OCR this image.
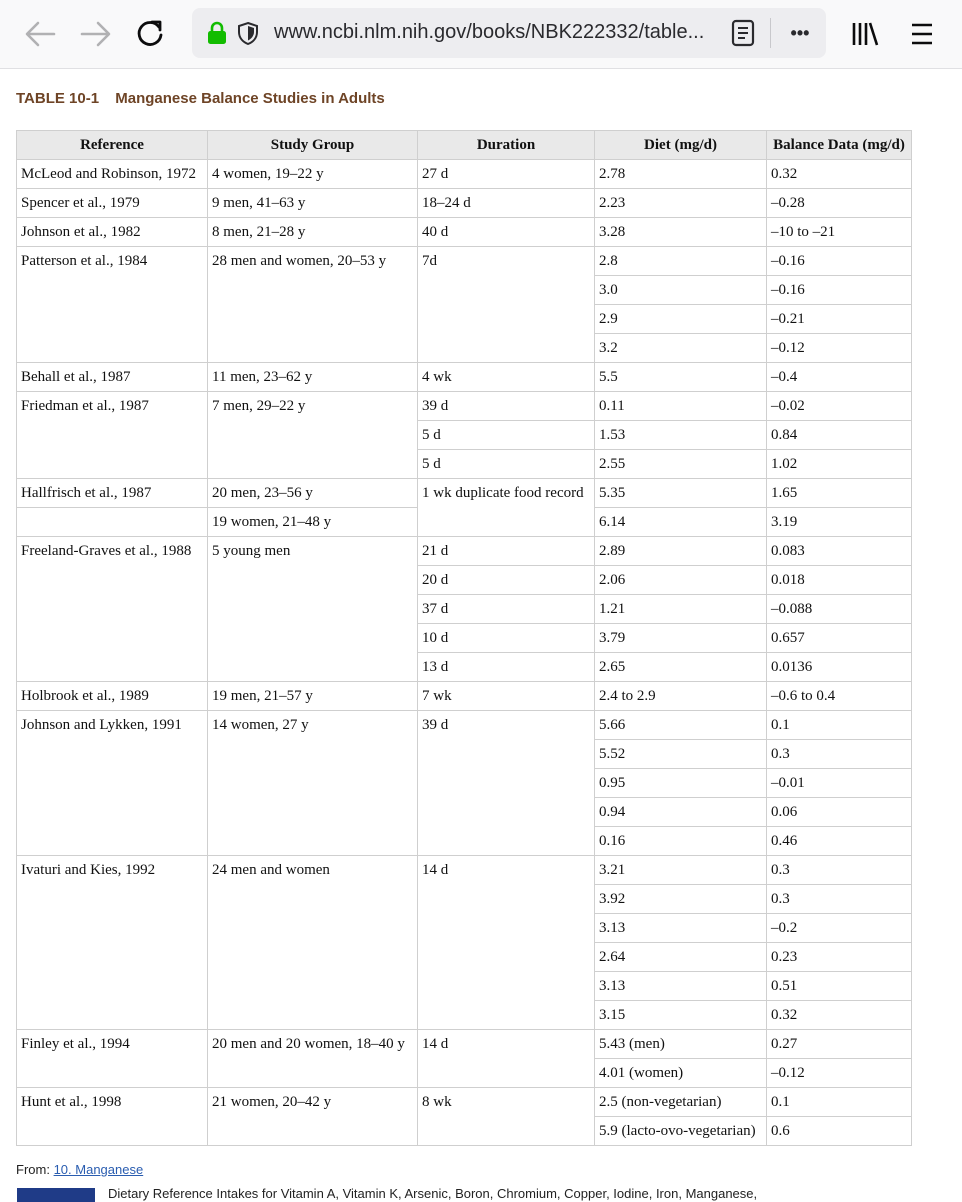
www.ncbi.nlm.nih.gov/books/NBK222332/table...	•••
TABLE 10-1 Manganese Balance Studies in Adults
Reference	Study Group	Duration	Diet (mg/d)	Balance Data (mg/d)
McLeod and Robinson, 1972	4 women, 19–22 y	27 d	2.78	0.32
Spencer et al., 1979	9 men, 41–63 y	18–24 d	2.23	–0.28
Johnson et al., 1982	8 men, 21–28 y	40 d	3.28	–10 to –21
Patterson et al., 1984	28 men and women, 20–53 y	7d	2.8	–0.16
			3.0	–0.16
			2.9	–0.21
			3.2	–0.12
Behall et al., 1987	11 men, 23–62 y	4 wk	5.5	–0.4
Friedman et al., 1987	7 men, 29–22 y	39 d	0.11	–0.02
		5 d	1.53	0.84
		5 d	2.55	1.02
Hallfrisch et al., 1987	20 men, 23–56 y	1 wk duplicate food record	5.35	1.65
	19 women, 21–48 y		6.14	3.19
Freeland-Graves et al., 1988	5 young men	21 d	2.89	0.083
		20 d	2.06	0.018
		37 d	1.21	–0.088
		10 d	3.79	0.657
		13 d	2.65	0.0136
Holbrook et al., 1989	19 men, 21–57 y	7 wk	2.4 to 2.9	–0.6 to 0.4
Johnson and Lykken, 1991	14 women, 27 y	39 d	5.66	0.1
			5.52	0.3
			0.95	–0.01
			0.94	0.06
			0.16	0.46
Ivaturi and Kies, 1992	24 men and women	14 d	3.21	0.3
			3.92	0.3
			3.13	–0.2
			2.64	0.23
			3.13	0.51
			3.15	0.32
Finley et al., 1994	20 men and 20 women, 18–40 y	14 d	5.43 (men)	0.27
			4.01 (women)	–0.12
Hunt et al., 1998	21 women, 20–42 y	8 wk	2.5 (non-vegetarian)	0.1
			5.9 (lacto-ovo-vegetarian)	0.6
From: 10. Manganese
Dietary Reference Intakes for Vitamin A, Vitamin K, Arsenic, Boron, Chromium, Copper, Iodine, Iron, Manganese,
